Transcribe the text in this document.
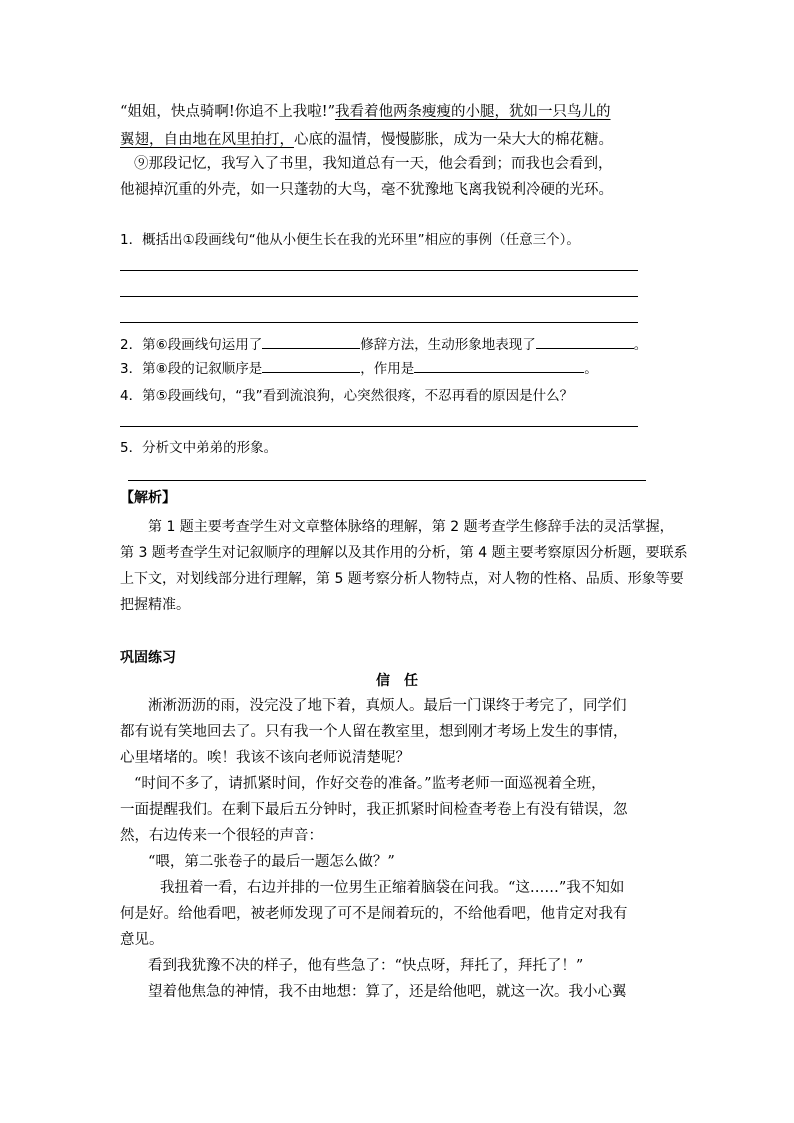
“姐姐，快点骑啊!你追不上我啦!”我看着他两条瘦瘦的小腿，犹如一只鸟儿的
翼翅，自由地在风里拍打，心底的温情，慢慢膨胀，成为一朵大大的棉花糖。
⑨那段记忆，我写入了书里，我知道总有一天，他会看到；而我也会看到，
他褪掉沉重的外壳，如一只蓬勃的大鸟，毫不犹豫地飞离我锐利冷硬的光环。
1．概括出①段画线句“他从小便生长在我的光环里”相应的事例（任意三个）。
2．第⑥段画线句运用了	修辞方法，生动形象地表现了	。
3．第⑧段的记叙顺序是	，作用是	。
4．第⑤段画线句，“我”看到流浪狗，心突然很疼，不忍再看的原因是什么？
5．分析文中弟弟的形象。
【解析】
第 1 题主要考查学生对文章整体脉络的理解，第 2 题考查学生修辞手法的灵活掌握，
第 3 题考查学生对记叙顺序的理解以及其作用的分析，第 4 题主要考察原因分析题，要联系
上下文，对划线部分进行理解，第 5 题考察分析人物特点，对人物的性格、品质、形象等要
把握精准。
巩固练习
信　任
淅淅沥沥的雨，没完没了地下着，真烦人。最后一门课终于考完了，同学们
都有说有笑地回去了。只有我一个人留在教室里，想到刚才考场上发生的事情，
心里堵堵的。唉！我该不该向老师说清楚呢？
“时间不多了，请抓紧时间，作好交卷的准备。”监考老师一面巡视着全班，
一面提醒我们。在剩下最后五分钟时，我正抓紧时间检查考卷上有没有错误，忽
然，右边传来一个很轻的声音：
“喂，第二张卷子的最后一题怎么做？”
我扭着一看，右边并排的一位男生正缩着脑袋在问我。“这……”我不知如
何是好。给他看吧，被老师发现了可不是闹着玩的，不给他看吧，他肯定对我有
意见。
看到我犹豫不决的样子，他有些急了：“快点呀，拜托了，拜托了！”
望着他焦急的神情，我不由地想：算了，还是给他吧，就这一次。我小心翼
